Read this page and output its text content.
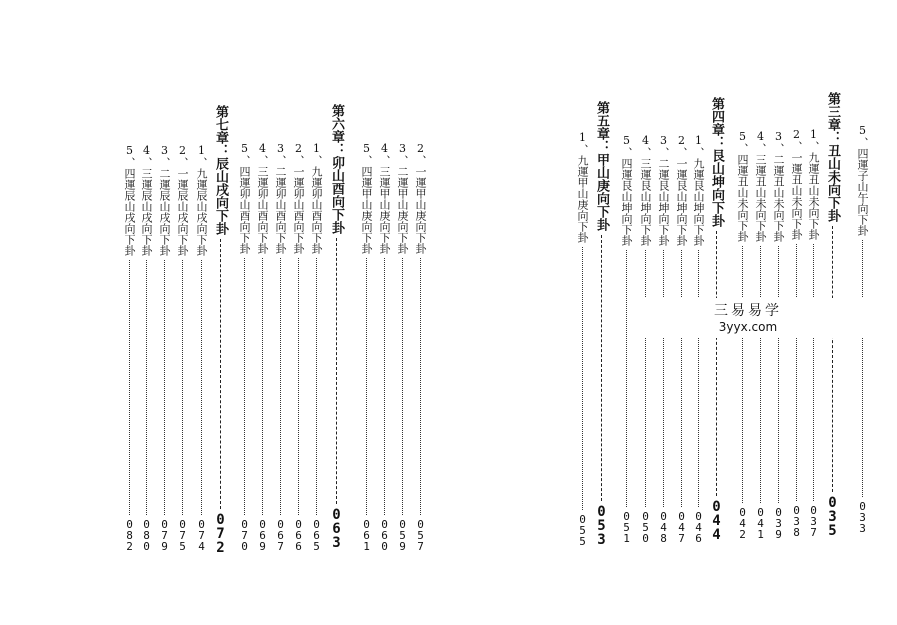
第七章：辰山戌向下卦
0
7
2
1、九運辰山戌向下卦
0
7
4
2、一運辰山戌向下卦
0
7
5
3、二運辰山戌向下卦
0
7
9
4、三運辰山戌向下卦
0
8
0
5、四運辰山戌向下卦
0
8
2
第六章：卯山酉向下卦
0
6
3
1、九運卯山酉向下卦
0
6
5
2、一運卯山酉向下卦
0
6
6
3、二運卯山酉向下卦
0
6
7
4、三運卯山酉向下卦
0
6
9
5、四運卯山酉向下卦
0
7
0
2、一運甲山庚向下卦
0
5
7
3、二運甲山庚向下卦
0
5
9
4、三運甲山庚向下卦
0
6
0
5、四運甲山庚向下卦
0
6
1
1、九運甲山庚向下卦
0
5
5
第五章：甲山庚向下卦
0
5
3
5、四運艮山坤向下卦
0
5
1
4、三運艮山坤向下卦
0
5
0
3、二運艮山坤向下卦
0
4
8
2、一運艮山坤向下卦
0
4
7
1、九運艮山坤向下卦
0
4
6
第四章：艮山坤向下卦
0
4
4
5、四運丑山未向下卦
0
4
2
4、三運丑山未向下卦
0
4
1
3、二運丑山未向下卦
0
3
9
2、一運丑山未向下卦
0
3
8
1、九運丑山未向下卦
0
3
7
第三章：丑山未向下卦
0
3
5
5、四運子山午向下卦
0
3
3
三易易学
3yyx.com
